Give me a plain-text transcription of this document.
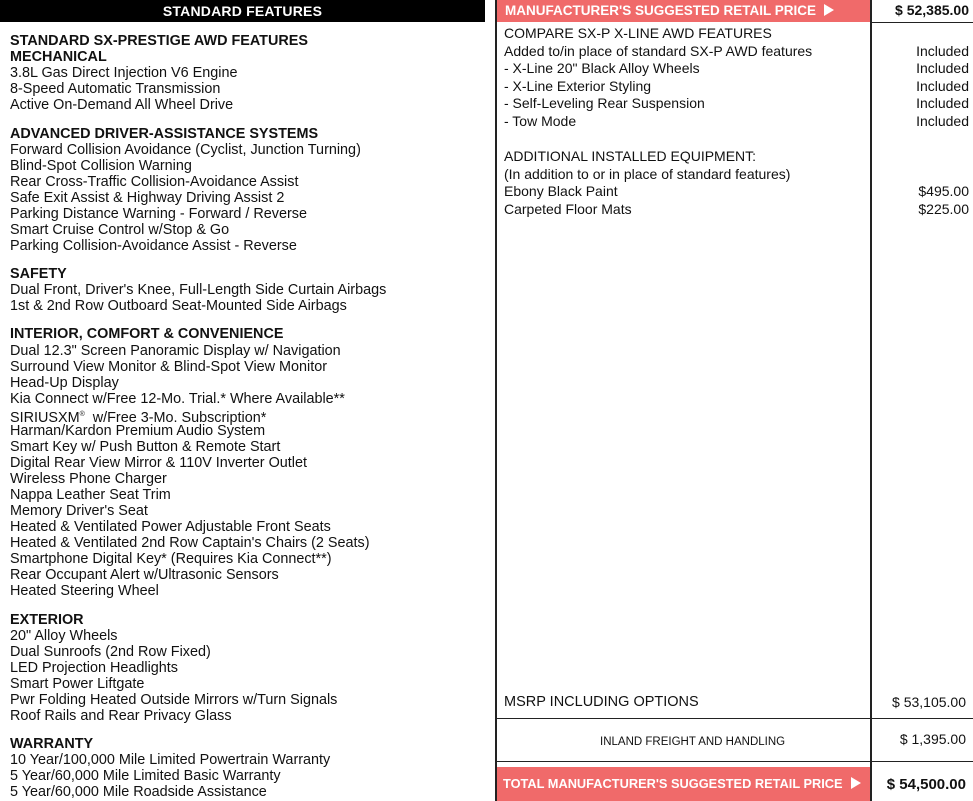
STANDARD FEATURES
STANDARD SX-PRESTIGE AWD FEATURES
MECHANICAL
3.8L Gas Direct Injection V6 Engine
8-Speed Automatic Transmission
Active On-Demand All Wheel Drive
ADVANCED DRIVER-ASSISTANCE SYSTEMS
Forward Collision Avoidance (Cyclist, Junction Turning)
Blind-Spot Collision Warning
Rear Cross-Traffic Collision-Avoidance Assist
Safe Exit Assist & Highway Driving Assist 2
Parking Distance Warning - Forward / Reverse
Smart Cruise Control w/Stop & Go
Parking Collision-Avoidance Assist - Reverse
SAFETY
Dual Front, Driver's Knee, Full-Length Side Curtain Airbags
1st & 2nd Row Outboard Seat-Mounted Side Airbags
INTERIOR, COMFORT & CONVENIENCE
Dual 12.3" Screen Panoramic Display w/ Navigation
Surround View Monitor & Blind-Spot View Monitor
Head-Up Display
Kia Connect w/Free 12-Mo. Trial.* Where Available**
SIRIUSXM® w/Free 3-Mo. Subscription*
Harman/Kardon Premium Audio System
Smart Key w/ Push Button & Remote Start
Digital Rear View Mirror & 110V Inverter Outlet
Wireless Phone Charger
Nappa Leather Seat Trim
Memory Driver's Seat
Heated & Ventilated Power Adjustable Front Seats
Heated & Ventilated 2nd Row Captain's Chairs (2 Seats)
Smartphone Digital Key* (Requires Kia Connect**)
Rear Occupant Alert w/Ultrasonic Sensors
Heated Steering Wheel
EXTERIOR
20" Alloy Wheels
Dual Sunroofs (2nd Row Fixed)
LED Projection Headlights
Smart Power Liftgate
Pwr Folding Heated Outside Mirrors w/Turn Signals
Roof Rails and Rear Privacy Glass
WARRANTY
10 Year/100,000 Mile Limited Powertrain Warranty
5 Year/60,000 Mile Limited Basic Warranty
5 Year/60,000 Mile Roadside Assistance
MANUFACTURER'S SUGGESTED RETAIL PRICE	$ 52,385.00
COMPARE SX-P X-LINE AWD FEATURES
Added to/in place of standard SX-P AWD features	Included
- X-Line 20" Black Alloy Wheels	Included
- X-Line Exterior Styling	Included
- Self-Leveling Rear Suspension	Included
- Tow Mode	Included
ADDITIONAL INSTALLED EQUIPMENT:
(In addition to or in place of standard features)
Ebony Black Paint	$495.00
Carpeted Floor Mats	$225.00
MSRP INCLUDING OPTIONS	$ 53,105.00
INLAND FREIGHT AND HANDLING	$ 1,395.00
TOTAL MANUFACTURER'S SUGGESTED RETAIL PRICE	$ 54,500.00
